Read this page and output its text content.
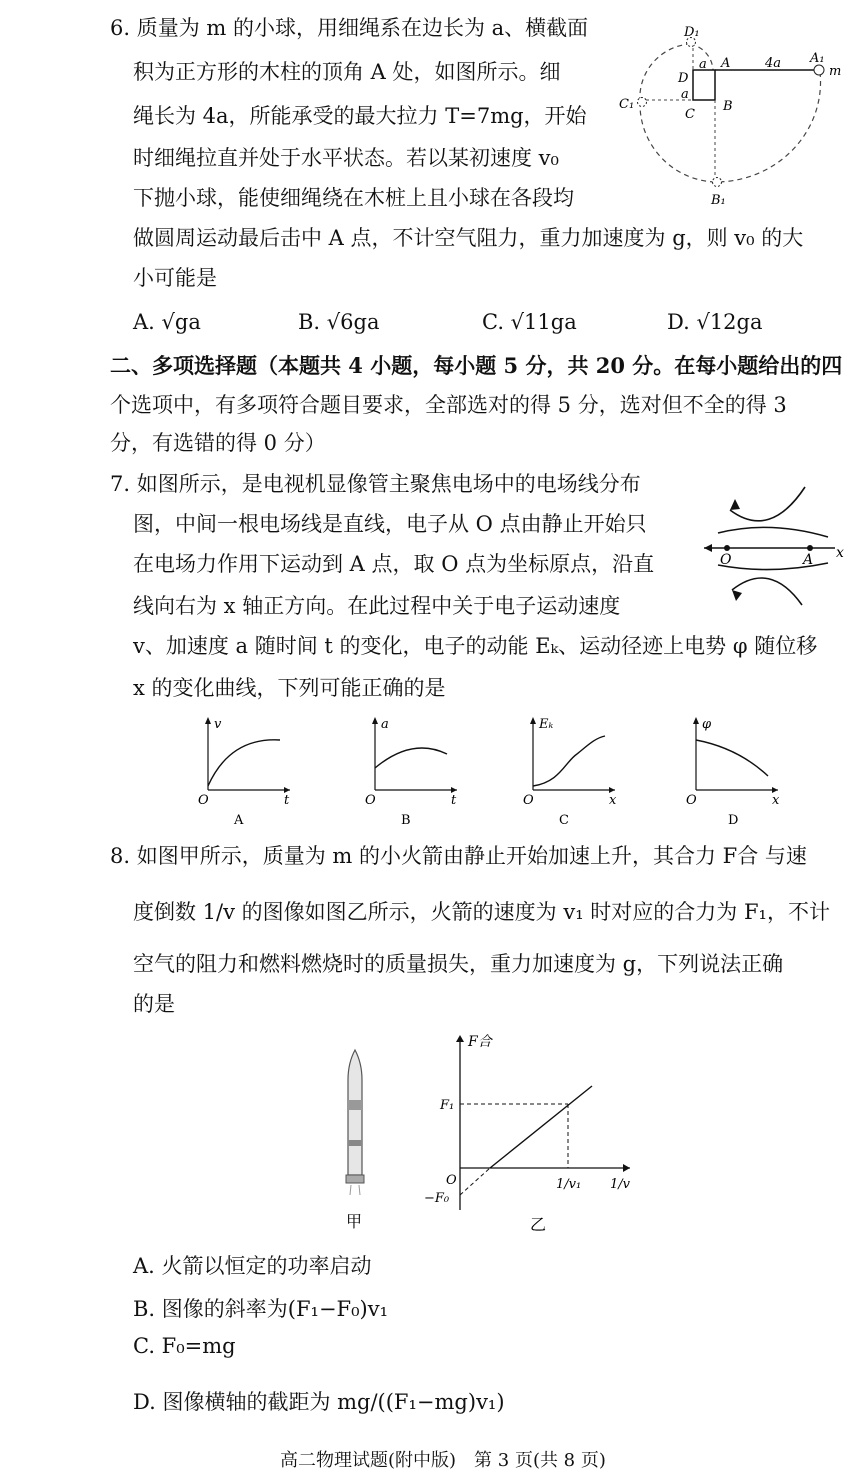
6. 质量为 m 的小球，用细绳系在边长为 a、横截面
积为正方形的木柱的顶角 A 处，如图所示。细
绳长为 4a，所能承受的最大拉力 T=7mg，开始
时细绳拉直并处于水平状态。若以某初速度 v₀
下抛小球，能使细绳绕在木桩上且小球在各段均
做圆周运动最后击中 A 点，不计空气阻力，重力加速度为 g，则 v₀ 的大
小可能是
D₁
D
a A	4a A₁
m
a
C₁
C
B
B₁
A. √ga	B. √6ga	C. √11ga	D. √12ga
二、多项选择题（本题共 4 小题，每小题 5 分，共 20 分。在每小题给出的四
个选项中，有多项符合题目要求，全部选对的得 5 分，选对但不全的得 3
分，有选错的得 0 分）
7. 如图所示，是电视机显像管主聚焦电场中的电场线分布
图，中间一根电场线是直线，电子从 O 点由静止开始只
在电场力作用下运动到 A 点，取 O 点为坐标原点，沿直
线向右为 x 轴正方向。在此过程中关于电子运动速度
v、加速度 a 随时间 t 的变化，电子的动能 Eₖ、运动径迹上电势 φ 随位移
x 的变化曲线，下列可能正确的是
O	A x
v
t
O
A
a
t
O
B
Eₖ
x
O
C
φ
x
O
D
8. 如图甲所示，质量为 m 的小火箭由静止开始加速上升，其合力 F合 与速
度倒数 1/v 的图像如图乙所示，火箭的速度为 v₁ 时对应的合力为 F₁，不计
空气的阻力和燃料燃烧时的质量损失，重力加速度为 g，下列说法正确
的是
甲
F合
F₁
O
−F₀
1/v₁ 1/v
乙
A. 火箭以恒定的功率启动
B. 图像的斜率为(F₁−F₀)v₁
C. F₀=mg
D. 图像横轴的截距为 mg/((F₁−mg)v₁)
高二物理试题(附中版)　第 3 页(共 8 页)
